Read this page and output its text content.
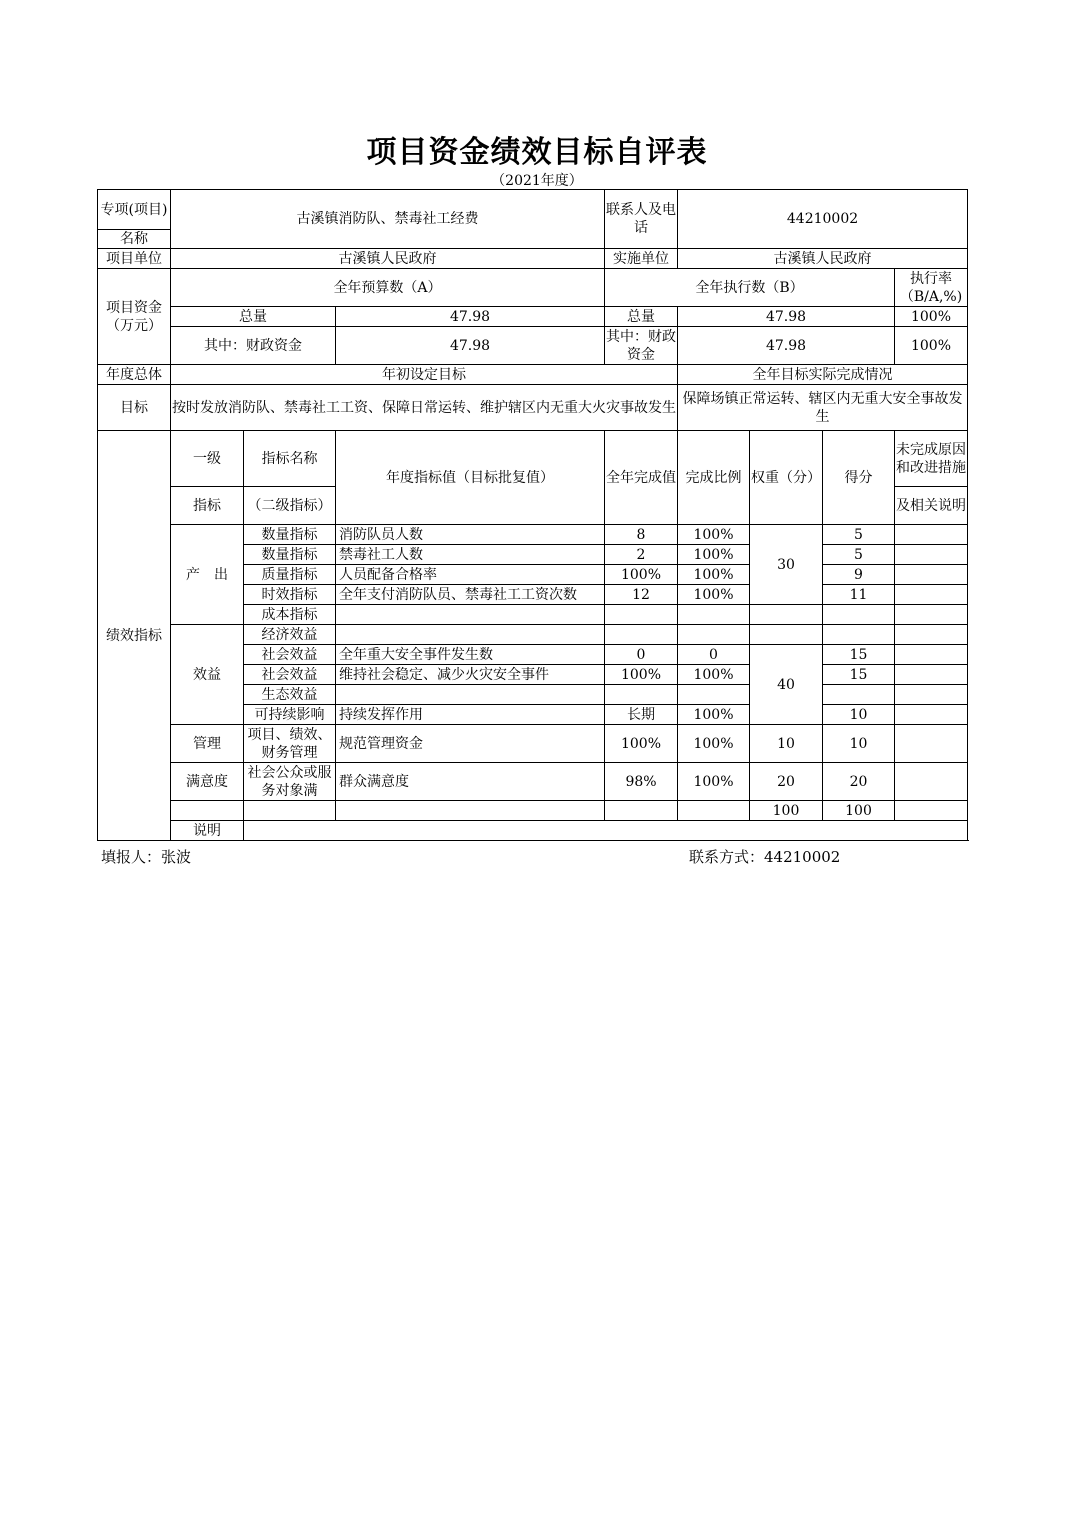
项目资金绩效目标自评表
（2021年度）
专项(项目)	古溪镇消防队、禁毒社工经费			联系人及电话	44210002			
名称								
项目单位	古溪镇人民政府			实施单位	古溪镇人民政府			
项目资金（万元）	全年预算数（A）			全年执行数（B）				执行率（B/A,%)
	总量		47.98	总量	47.98			100%
	其中：财政资金		47.98	其中：财政资金	47.98			100%
年度总体	年初设定目标				全年目标实际完成情况			
目标	按时发放消防队、禁毒社工工资、保障日常运转、维护辖区内无重大火灾事故发生				保障场镇正常运转、辖区内无重大安全事故发生			
绩效指标	一级	指标名称	年度指标值（目标批复值）	全年完成值	完成比例	权重（分）	得分	未完成原因和改进措施
	指标	（二级指标）						及相关说明
	产　出	数量指标	消防队员人数	8	100%	30	5	
		数量指标	禁毒社工人数	2	100%		5	
		质量指标	人员配备合格率	100%	100%		9	
		时效指标	全年支付消防队员、禁毒社工工资次数	12	100%		11	
		成本指标						
	效益	经济效益						
		社会效益	全年重大安全事件发生数	0	0	40	15	
		社会效益	维持社会稳定、减少火灾安全事件	100%	100%		15	
		生态效益						
		可持续影响	持续发挥作用	长期	100%		10	
	管理	项目、绩效、财务管理	规范管理资金	100%	100%	10	10	
	满意度	社会公众或服务对象满	群众满意度	98%	100%	20	20	
						100	100	
	说明							
填报人：张波	联系方式：44210002
